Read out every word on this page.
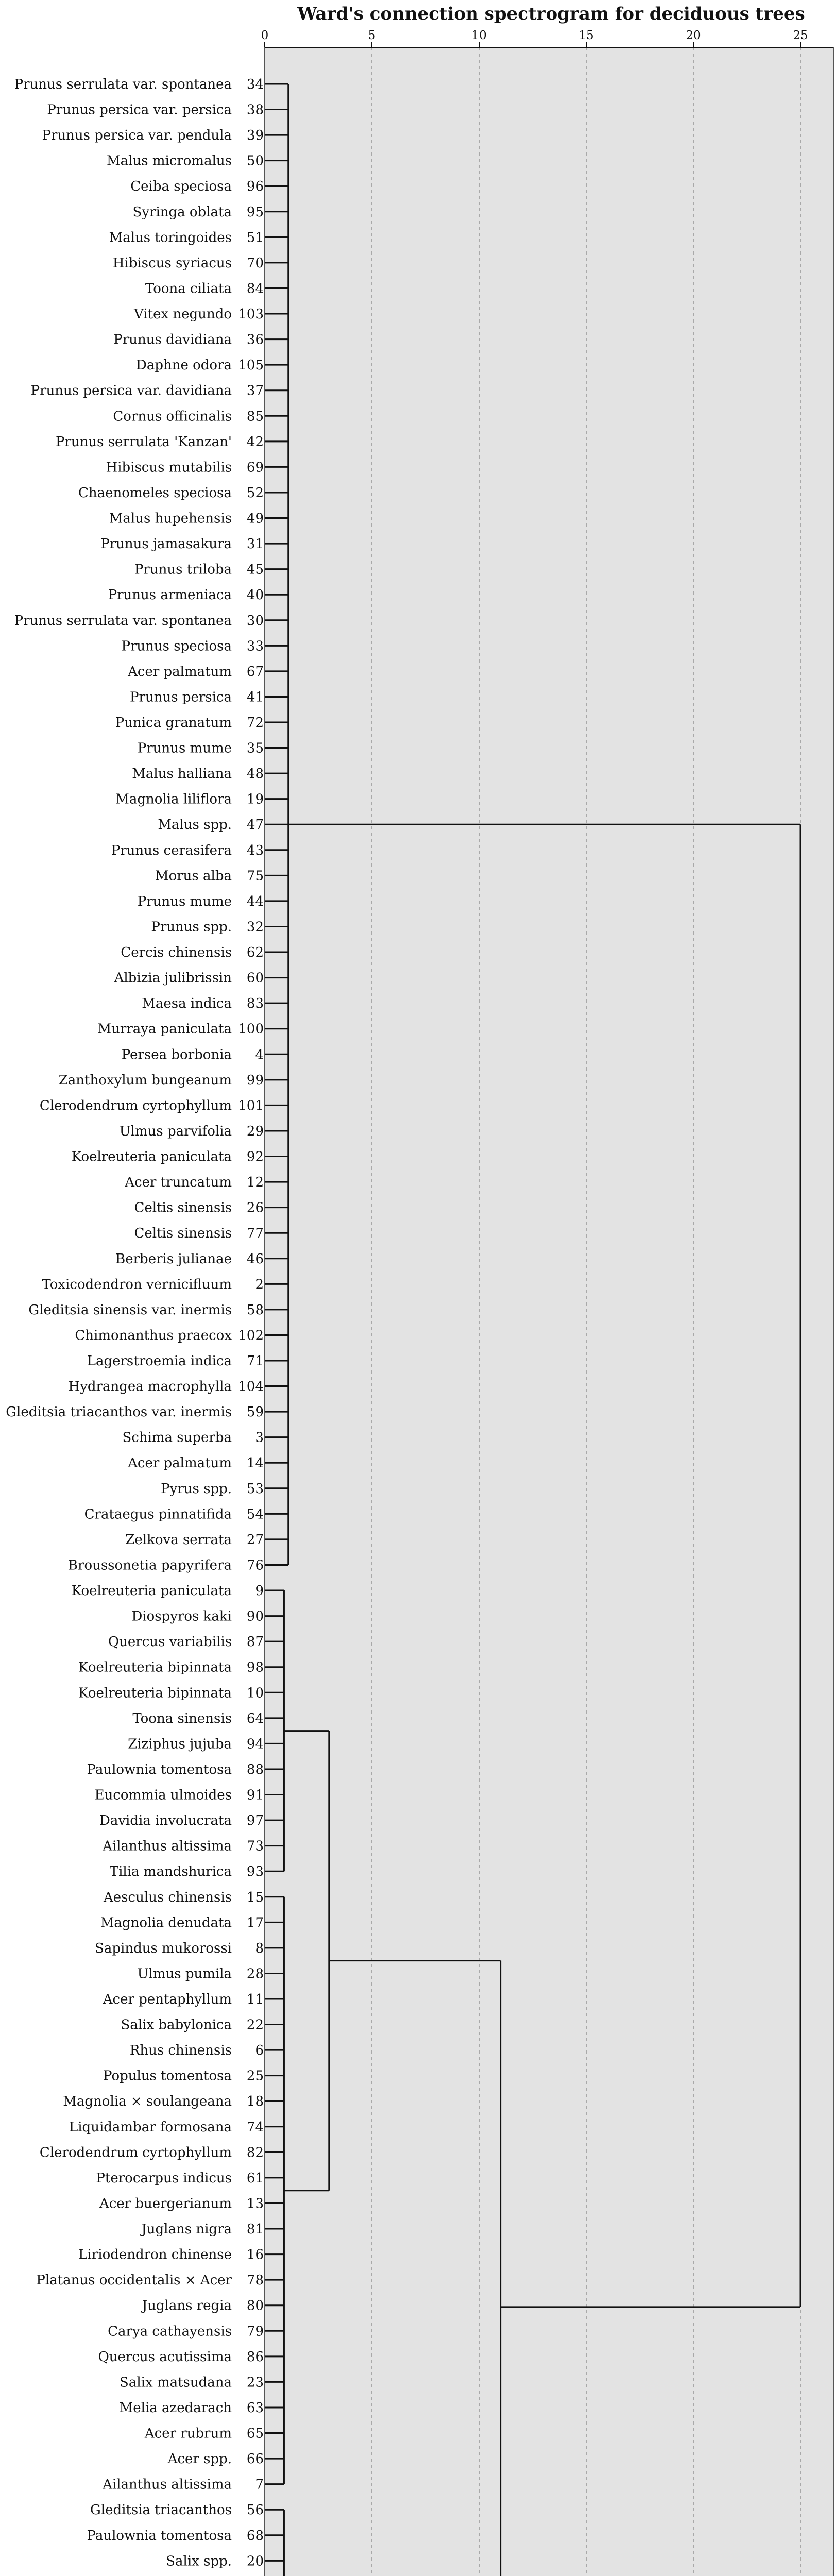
Ward's connection spectrogram for deciduous trees
0	5	10	15	20	25
Prunus serrulata var. spontanea 34
Prunus persica var. persica 38
Prunus persica var. pendula 39
Malus micromalus 50
Ceiba speciosa 96
Syringa oblata 95
Malus toringoides 51
Hibiscus syriacus 70
Toona ciliata 84
Vitex negundo 103
Prunus davidiana 36
Daphne odora 105
Prunus persica var. davidiana 37
Cornus officinalis 85
Prunus serrulata 'Kanzan' 42
Hibiscus mutabilis 69
Chaenomeles speciosa 52
Malus hupehensis 49
Prunus jamasakura 31
Prunus triloba 45
Prunus armeniaca 40
Prunus serrulata var. spontanea 30
Prunus speciosa 33
Acer palmatum 67
Prunus persica 41
Punica granatum 72
Prunus mume 35
Malus halliana 48
Magnolia liliflora 19
Malus spp. 47
Prunus cerasifera 43
Morus alba 75
Prunus mume 44
Prunus spp. 32
Cercis chinensis 62
Albizia julibrissin 60
Maesa indica 83
Murraya paniculata 100
Persea borbonia 4
Zanthoxylum bungeanum 99
Clerodendrum cyrtophyllum 101
Ulmus parvifolia 29
Koelreuteria paniculata 92
Acer truncatum 12
Celtis sinensis 26
Celtis sinensis 77
Berberis julianae 46
Toxicodendron vernicifluum 2
Gleditsia sinensis var. inermis 58
Chimonanthus praecox 102
Lagerstroemia indica 71
Hydrangea macrophylla 104
Gleditsia triacanthos var. inermis 59
Schima superba 3
Acer palmatum 14
Pyrus spp. 53
Crataegus pinnatifida 54
Zelkova serrata 27
Broussonetia papyrifera 76
Koelreuteria paniculata 9
Diospyros kaki 90
Quercus variabilis 87
Koelreuteria bipinnata 98
Koelreuteria bipinnata 10
Toona sinensis 64
Ziziphus jujuba 94
Paulownia tomentosa 88
Eucommia ulmoides 91
Davidia involucrata 97
Ailanthus altissima 73
Tilia mandshurica 93
Aesculus chinensis 15
Magnolia denudata 17
Sapindus mukorossi 8
Ulmus pumila 28
Acer pentaphyllum 11
Salix babylonica 22
Rhus chinensis 6
Populus tomentosa 25
Magnolia × soulangeana 18
Liquidambar formosana 74
Clerodendrum cyrtophyllum 82
Pterocarpus indicus 61
Acer buergerianum 13
Juglans nigra 81
Liriodendron chinense 16
Platanus occidentalis × Acer 78
Juglans regia 80
Carya cathayensis 79
Quercus acutissima 86
Salix matsudana 23
Melia azedarach 63
Acer rubrum 65
Acer spp. 66
Ailanthus altissima 7
Gleditsia triacanthos 56
Paulownia tomentosa 68
Salix spp. 20
